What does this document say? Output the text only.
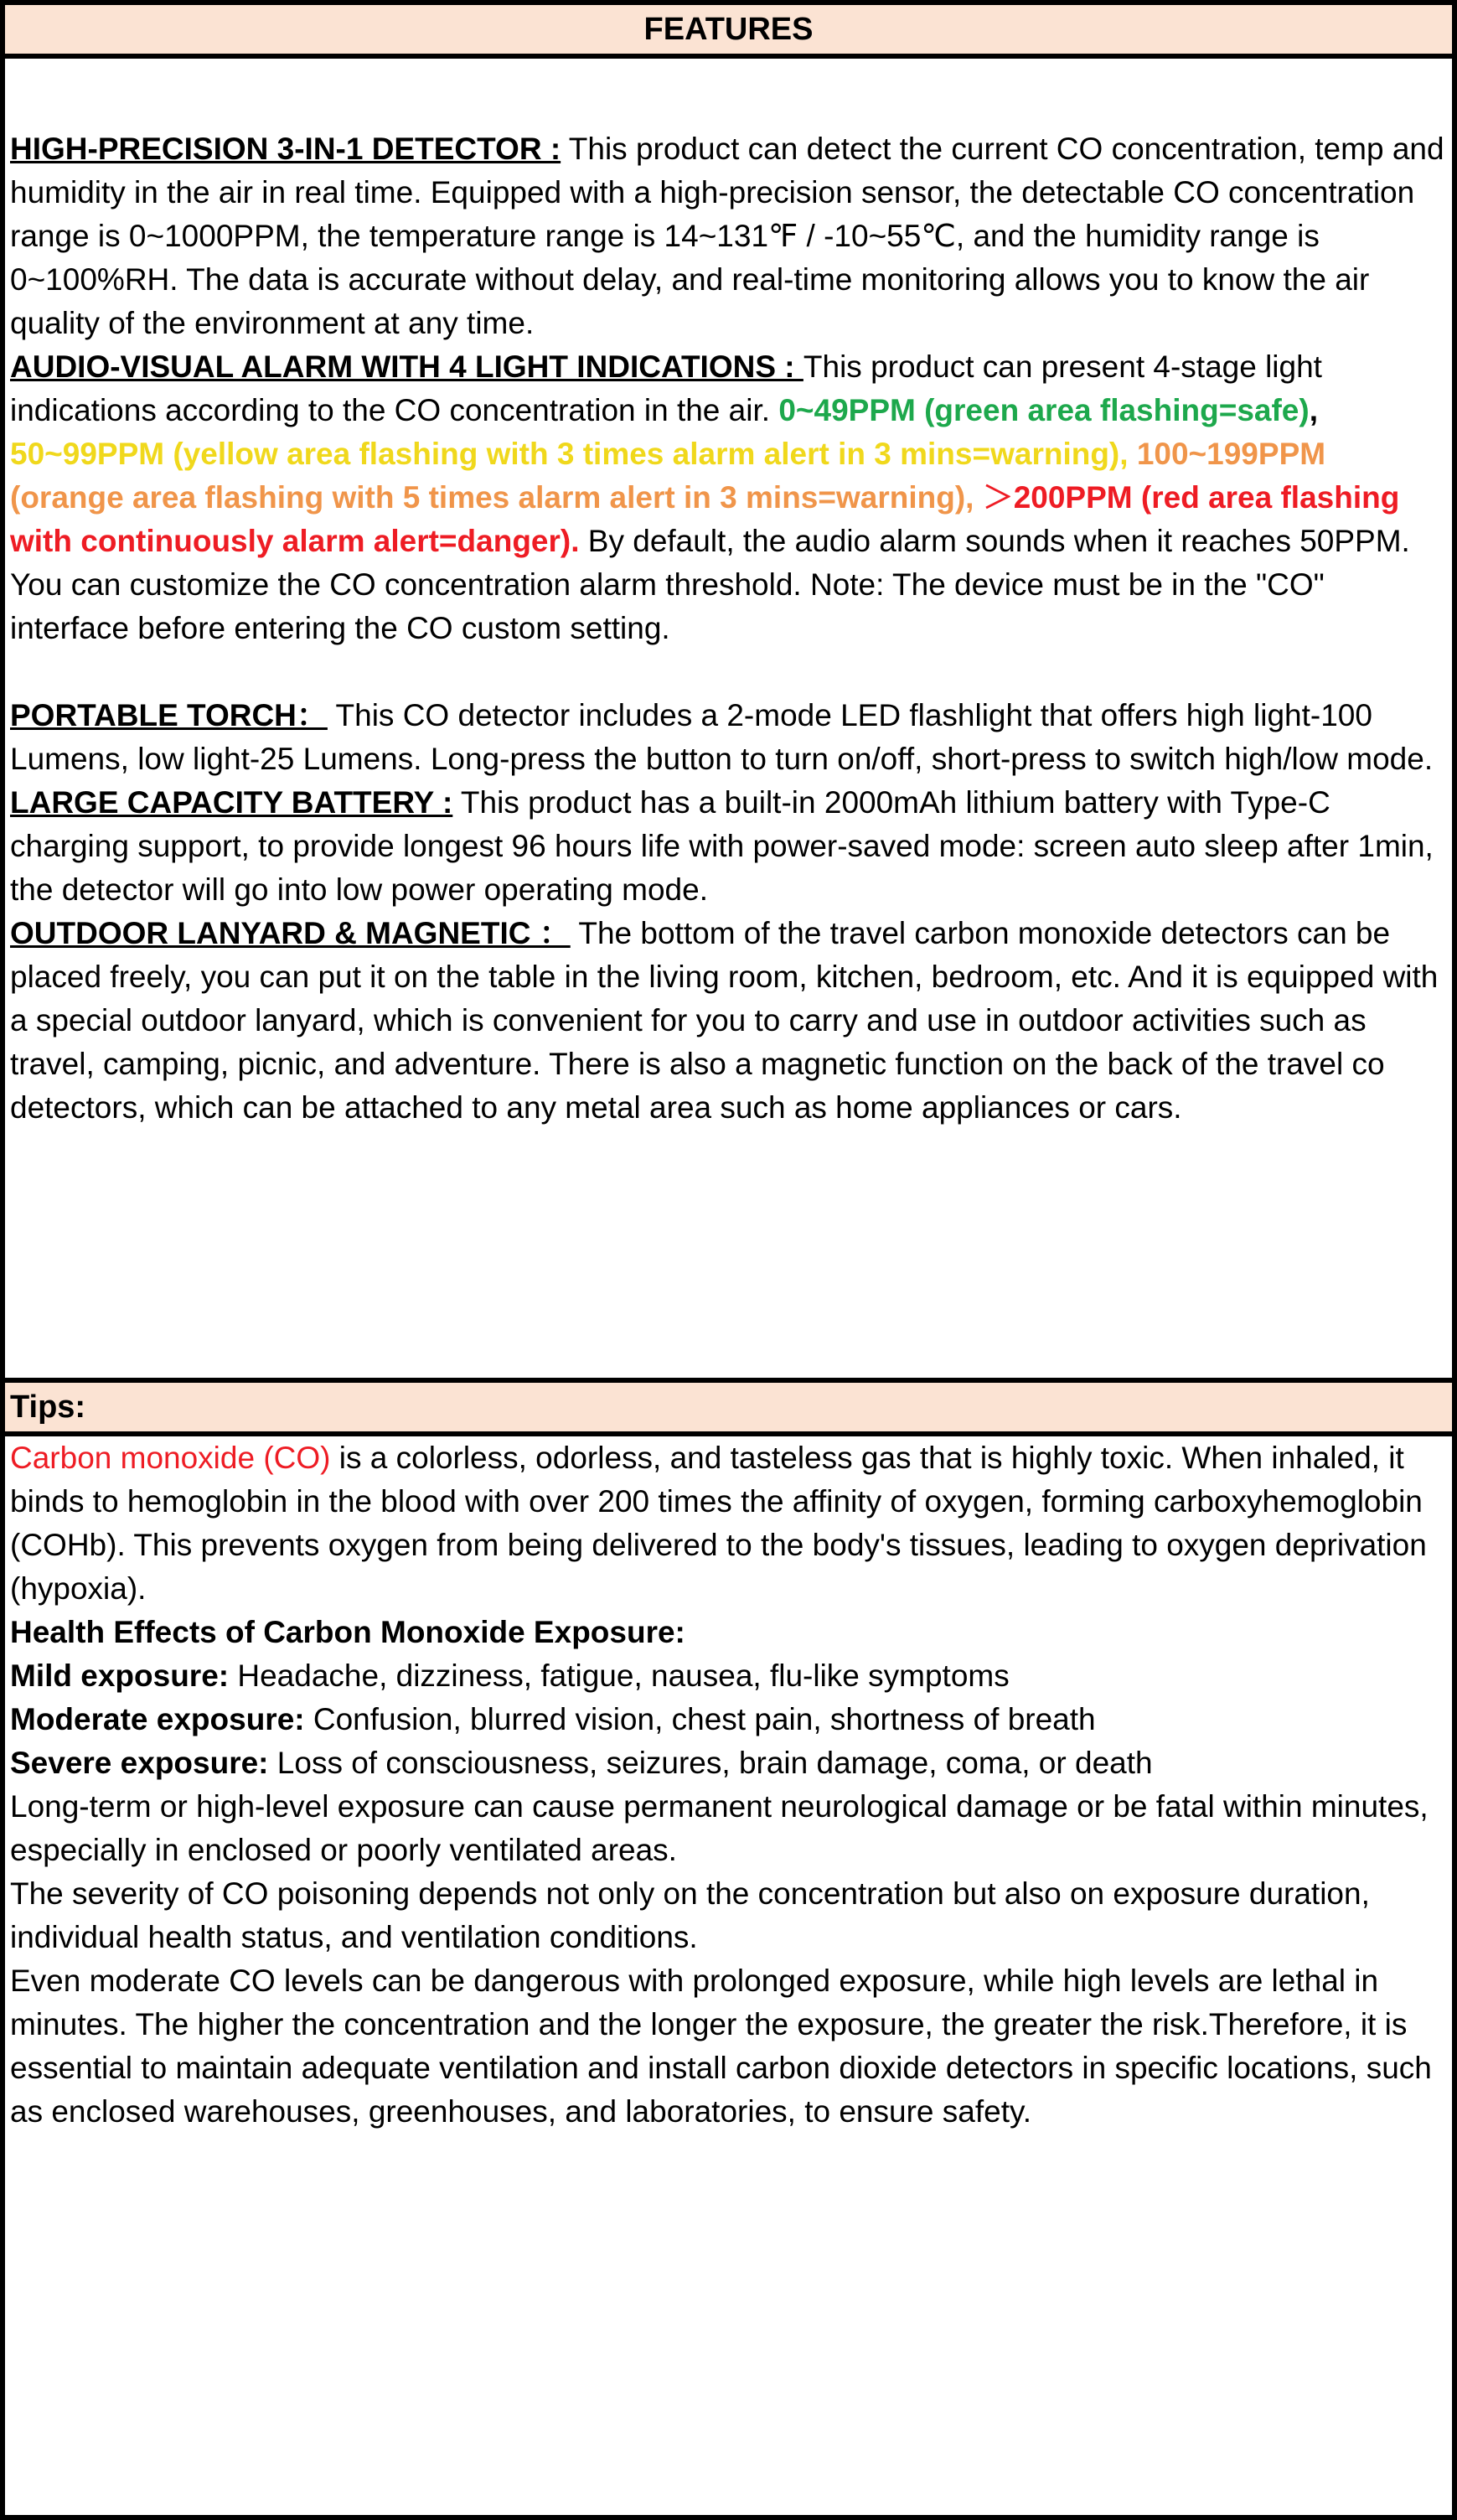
FEATURES

HIGH-PRECISION 3-IN-1 DETECTOR : This product can detect the current CO concentration, temp and humidity in the air in real time. Equipped with a high-precision sensor, the detectable CO concentration range is 0~1000PPM, the temperature range is 14~131℉ / -10~55℃, and the humidity range is 0~100%RH. The data is accurate without delay, and real-time monitoring allows you to know the air quality of the environment at any time.

AUDIO-VISUAL ALARM WITH 4 LIGHT INDICATIONS : This product can present 4-stage light indications according to the CO concentration in the air. 0~49PPM (green area flashing=safe), 50~99PPM (yellow area flashing with 3 times alarm alert in 3 mins=warning), 100~199PPM (orange area flashing with 5 times alarm alert in 3 mins=warning), ＞200PPM (red area flashing with continuously alarm alert=danger). By default, the audio alarm sounds when it reaches 50PPM. You can customize the CO concentration alarm threshold. Note: The device must be in the "CO" interface before entering the CO custom setting.

PORTABLE TORCH： This CO detector includes a 2-mode LED flashlight that offers high light-100 Lumens, low light-25 Lumens. Long-press the button to turn on/off, short-press to switch high/low mode.

LARGE CAPACITY BATTERY : This product has a built-in 2000mAh lithium battery with Type-C charging support, to provide longest 96 hours life with power-saved mode: screen auto sleep after 1min, the detector will go into low power operating mode.

OUTDOOR LANYARD & MAGNETIC ： The bottom of the travel carbon monoxide detectors can be placed freely, you can put it on the table in the living room, kitchen, bedroom, etc. And it is equipped with a special outdoor lanyard, which is convenient for you to carry and use in outdoor activities such as travel, camping, picnic, and adventure. There is also a magnetic function on the back of the travel co detectors, which can be attached to any metal area such as home appliances or cars.

Tips:

Carbon monoxide (CO) is a colorless, odorless, and tasteless gas that is highly toxic. When inhaled, it binds to hemoglobin in the blood with over 200 times the affinity of oxygen, forming carboxyhemoglobin (COHb). This prevents oxygen from being delivered to the body's tissues, leading to oxygen deprivation (hypoxia).

Health Effects of Carbon Monoxide Exposure:

Mild exposure: Headache, dizziness, fatigue, nausea, flu-like symptoms

Moderate exposure: Confusion, blurred vision, chest pain, shortness of breath

Severe exposure: Loss of consciousness, seizures, brain damage, coma, or death

Long-term or high-level exposure can cause permanent neurological damage or be fatal within minutes, especially in enclosed or poorly ventilated areas.

The severity of CO poisoning depends not only on the concentration but also on exposure duration, individual health status, and ventilation conditions.

Even moderate CO levels can be dangerous with prolonged exposure, while high levels are lethal in minutes. The higher the concentration and the longer the exposure, the greater the risk.Therefore, it is essential to maintain adequate ventilation and install carbon dioxide detectors in specific locations, such as enclosed warehouses, greenhouses, and laboratories, to ensure safety.
